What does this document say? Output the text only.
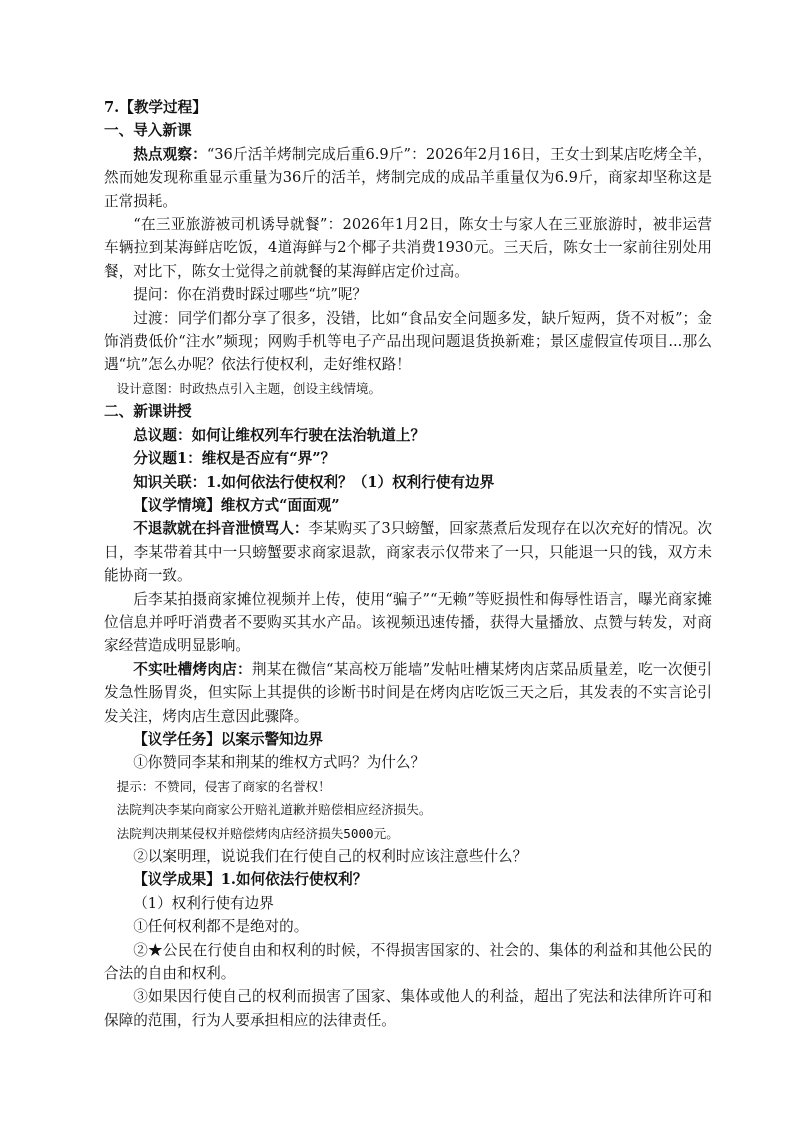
7.【教学过程】

一、导入新课

热点观察：“36斤活羊烤制完成后重6.9斤”：2026年2月16日，王女士到某店吃烤全羊，然而她发现称重显示重量为36斤的活羊，烤制完成的成品羊重量仅为6.9斤，商家却坚称这是正常损耗。

“在三亚旅游被司机诱导就餐”：2026年1月2日，陈女士与家人在三亚旅游时，被非运营车辆拉到某海鲜店吃饭，4道海鲜与2个椰子共消费1930元。三天后，陈女士一家前往别处用餐，对比下，陈女士觉得之前就餐的某海鲜店定价过高。

提问：你在消费时踩过哪些“坑”呢？

过渡：同学们都分享了很多，没错，比如“食品安全问题多发，缺斤短两，货不对板”；金饰消费低价“注水”频现；网购手机等电子产品出现问题退货换新难；景区虚假宣传项目...那么遇“坑”怎么办呢？依法行使权利，走好维权路！

设计意图：时政热点引入主题，创设主线情境。

二、新课讲授

总议题：如何让维权列车行驶在法治轨道上？

分议题1：维权是否应有“界”？

知识关联：1.如何依法行使权利？（1）权利行使有边界

【议学情境】维权方式“面面观”

不退款就在抖音泄愤骂人：李某购买了3只螃蟹，回家蒸煮后发现存在以次充好的情况。次日，李某带着其中一只螃蟹要求商家退款，商家表示仅带来了一只，只能退一只的钱，双方未能协商一致。

后李某拍摄商家摊位视频并上传，使用“骗子”“无赖”等贬损性和侮辱性语言，曝光商家摊位信息并呼吁消费者不要购买其水产品。该视频迅速传播，获得大量播放、点赞与转发，对商家经营造成明显影响。

不实吐槽烤肉店：荆某在微信“某高校万能墙”发帖吐槽某烤肉店菜品质量差，吃一次便引发急性肠胃炎，但实际上其提供的诊断书时间是在烤肉店吃饭三天之后，其发表的不实言论引发关注，烤肉店生意因此骤降。

【议学任务】以案示警知边界

①你赞同李某和荆某的维权方式吗？为什么？

提示：不赞同，侵害了商家的名誉权！

法院判决李某向商家公开赔礼道歉并赔偿相应经济损失。

法院判决荆某侵权并赔偿烤肉店经济损失5000元。

②以案明理，说说我们在行使自己的权利时应该注意些什么？

【议学成果】1.如何依法行使权利？

（1）权利行使有边界

①任何权利都不是绝对的。

②★公民在行使自由和权利的时候，不得损害国家的、社会的、集体的利益和其他公民的合法的自由和权利。

③如果因行使自己的权利而损害了国家、集体或他人的利益，超出了宪法和法律所许可和保障的范围，行为人要承担相应的法律责任。
